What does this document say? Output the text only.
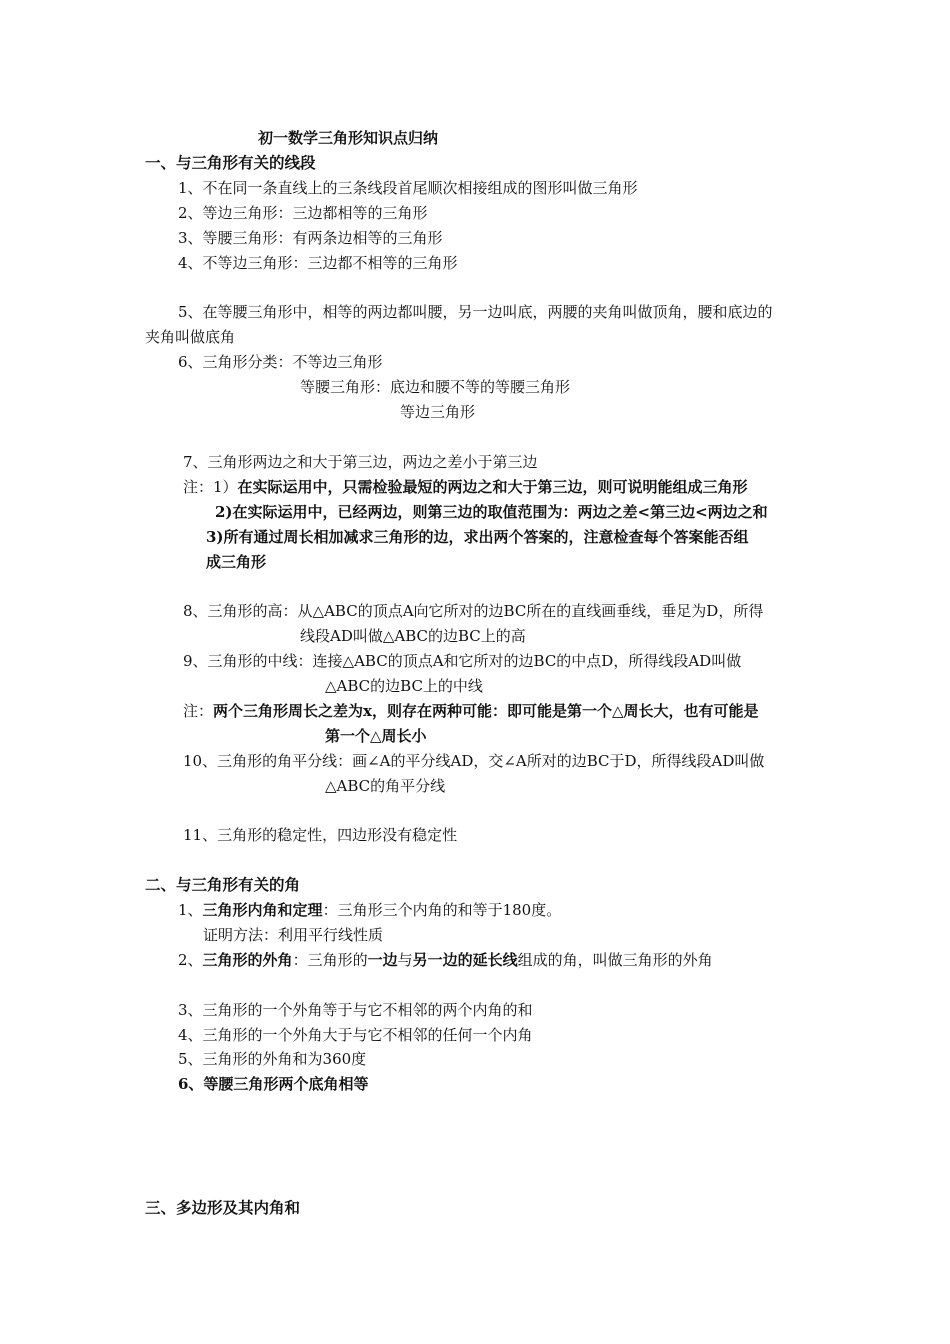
初一数学三角形知识点归纳
一、与三角形有关的线段
1、不在同一条直线上的三条线段首尾顺次相接组成的图形叫做三角形
2、等边三角形：三边都相等的三角形
3、等腰三角形：有两条边相等的三角形
4、不等边三角形：三边都不相等的三角形
5、在等腰三角形中，相等的两边都叫腰，另一边叫底，两腰的夹角叫做顶角，腰和底边的
夹角叫做底角
6、三角形分类：不等边三角形
等腰三角形：底边和腰不等的等腰三角形
等边三角形
7、三角形两边之和大于第三边，两边之差小于第三边
注：1）在实际运用中，只需检验最短的两边之和大于第三边，则可说明能组成三角形
2)在实际运用中，已经两边，则第三边的取值范围为：两边之差<第三边<两边之和
3)所有通过周长相加减求三角形的边，求出两个答案的，注意检查每个答案能否组
成三角形
8、三角形的高：从△ABC的顶点A向它所对的边BC所在的直线画垂线，垂足为D，所得
线段AD叫做△ABC的边BC上的高
9、三角形的中线：连接△ABC的顶点A和它所对的边BC的中点D，所得线段AD叫做
△ABC的边BC上的中线
注：两个三角形周长之差为x，则存在两种可能：即可能是第一个△周长大，也有可能是
第一个△周长小
10、三角形的角平分线：画∠A的平分线AD，交∠A所对的边BC于D，所得线段AD叫做
△ABC的角平分线
11、三角形的稳定性，四边形没有稳定性
二、与三角形有关的角
1、三角形内角和定理：三角形三个内角的和等于180度。
证明方法：利用平行线性质
2、三角形的外角：三角形的一边与另一边的延长线组成的角，叫做三角形的外角
3、三角形的一个外角等于与它不相邻的两个内角的和
4、三角形的一个外角大于与它不相邻的任何一个内角
5、三角形的外角和为360度
6、等腰三角形两个底角相等
三、多边形及其内角和
